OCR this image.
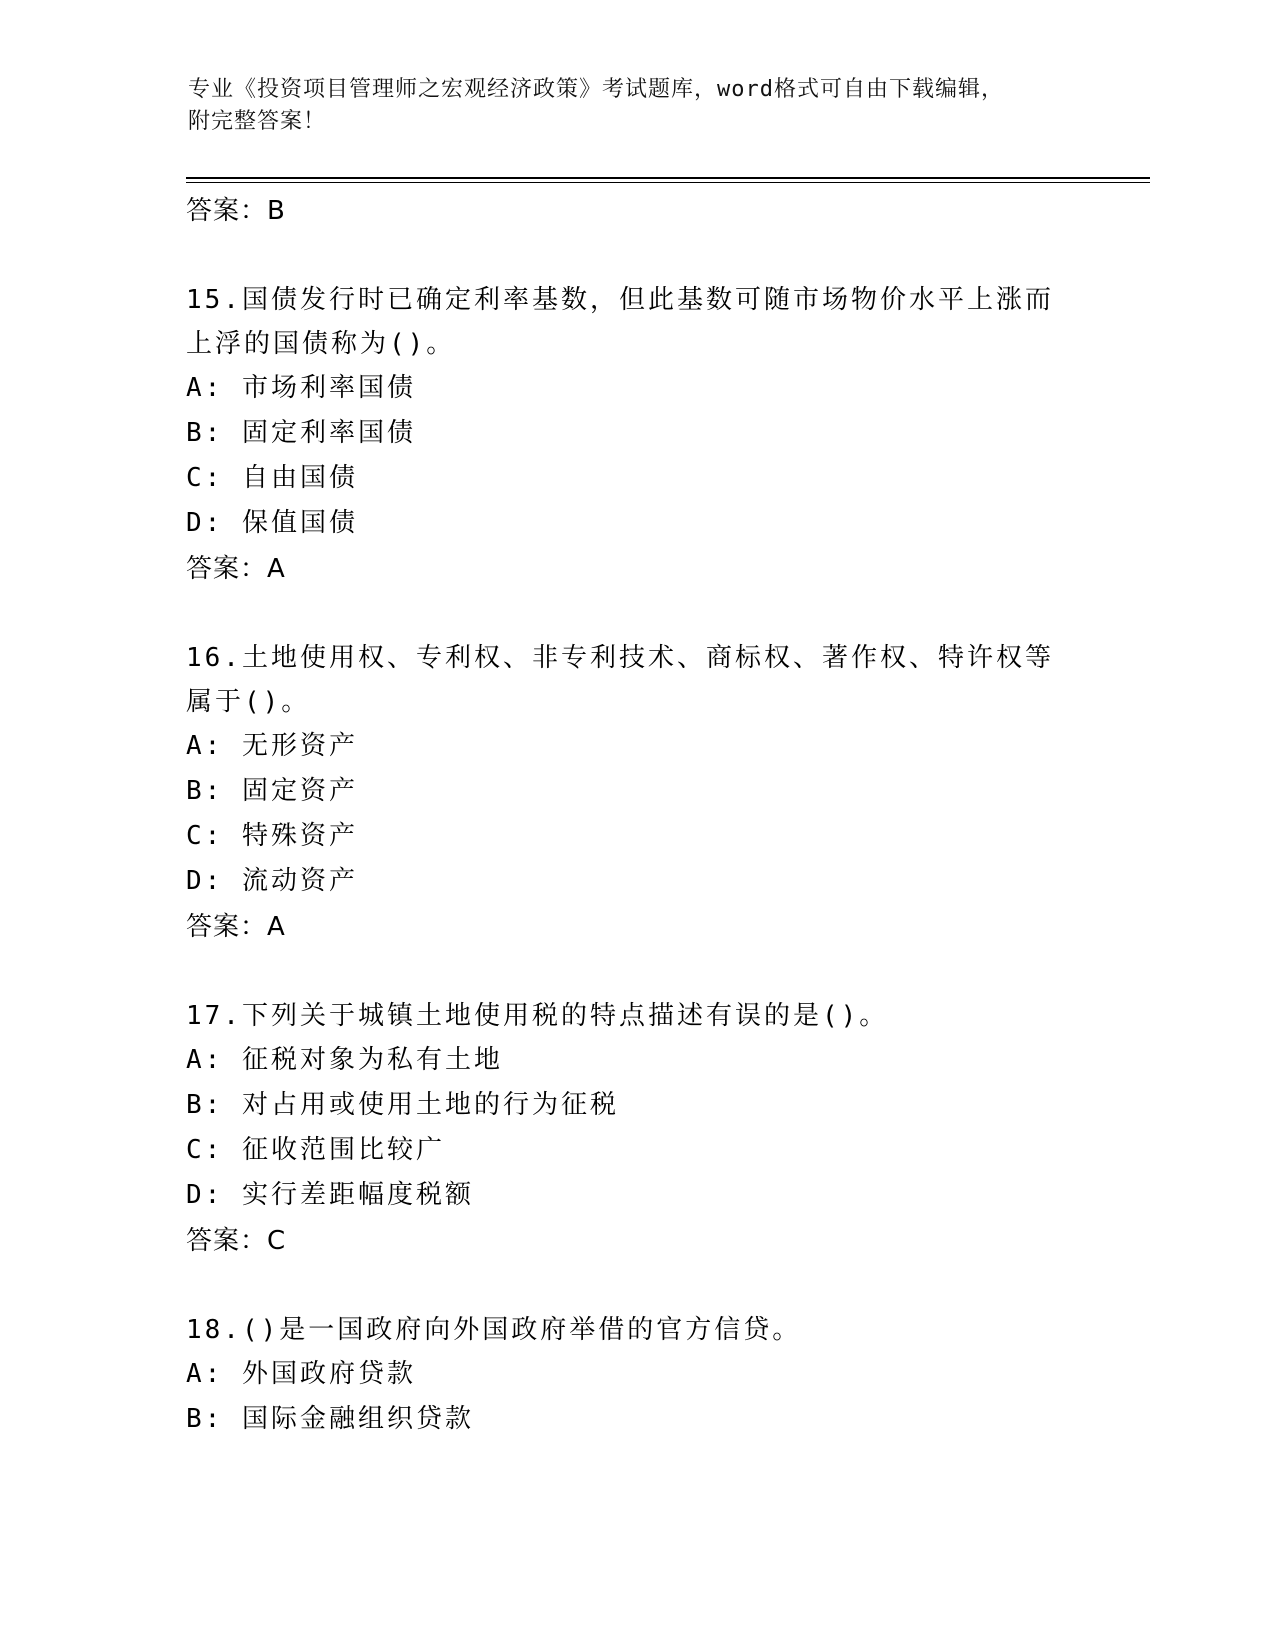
专业《投资项目管理师之宏观经济政策》考试题库，word格式可自由下载编辑，
附完整答案！
答案：B
15.国债发行时已确定利率基数，但此基数可随市场物价水平上涨而上浮的国债称为()。
A: 市场利率国债
B: 固定利率国债
C: 自由国债
D: 保值国债
答案：A
16.土地使用权、专利权、非专利技术、商标权、著作权、特许权等属于()。
A: 无形资产
B: 固定资产
C: 特殊资产
D: 流动资产
答案：A
17.下列关于城镇土地使用税的特点描述有误的是()。
A: 征税对象为私有土地
B: 对占用或使用土地的行为征税
C: 征收范围比较广
D: 实行差距幅度税额
答案：C
18.()是一国政府向外国政府举借的官方信贷。
A: 外国政府贷款
B: 国际金融组织贷款
